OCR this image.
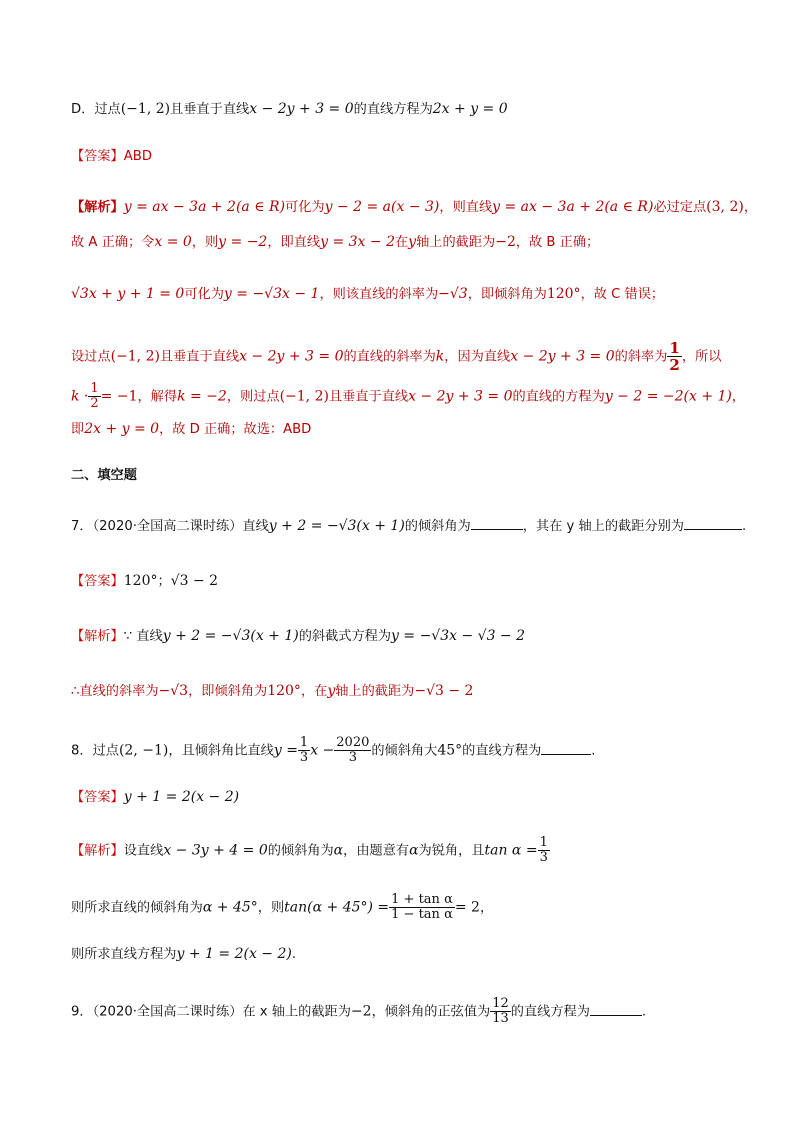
D．过点(−1, 2)且垂直于直线x − 2y + 3 = 0的直线方程为2x + y = 0
【答案】ABD
【解析】y = ax − 3a + 2(a ∈ R)可化为y − 2 = a(x − 3)，则直线y = ax − 3a + 2(a ∈ R)必过定点(3, 2)，
故 A 正确；令x = 0，则y = −2，即直线y = 3x − 2在y轴上的截距为−2，故 B 正确；
√3x + y + 1 = 0可化为y = −√3x − 1，则该直线的斜率为−√3，即倾斜角为120°，故 C 错误；
设过点(−1, 2)且垂直于直线x − 2y + 3 = 0的直线的斜率为k，因为直线x − 2y + 3 = 0的斜率为 $\frac{1}{2}$ ，所以
$k \cdot \frac{1}{2} = -1$，解得k = −2，则过点(−1, 2)且垂直于直线x − 2y + 3 = 0的直线的方程为y − 2 = −2(x + 1)，
即2x + y = 0，故 D 正确；故选：ABD
二、填空题
7．（2020·全国高二课时练）直线y + 2 = −√3(x + 1)的倾斜角为	，其在 y 轴上的截距分别为	.
【答案】120°；√3 − 2
【解析】∵ 直线y + 2 = −√3(x + 1)的斜截式方程为y = −√3x − √3 − 2
∴直线的斜率为−√3，即倾斜角为120°，在y轴上的截距为−√3 − 2
8．过点(2, −1)，且倾斜角比直线$y = \frac{1}{3}$ $x - \frac{2020}{3}$ 的倾斜角大45°的直线方程为	.
【答案】y + 1 = 2(x − 2)
【解析】设直线x − 3y + 4 = 0的倾斜角为α，由题意有α为锐角，且$\tan \alpha = \frac{1}{3}$
则所求直线的倾斜角为α + 45°，则$\tan(\alpha + 45^\circ) = \frac{\text{1 + tan α}}{\text{1 − tan α}} = 2$，
则所求直线方程为y + 1 = 2(x − 2).
9．（2020·全国高二课时练）在 x 轴上的截距为−2，倾斜角的正弦值为 $\frac{12}{13}$ 的直线方程为	.
